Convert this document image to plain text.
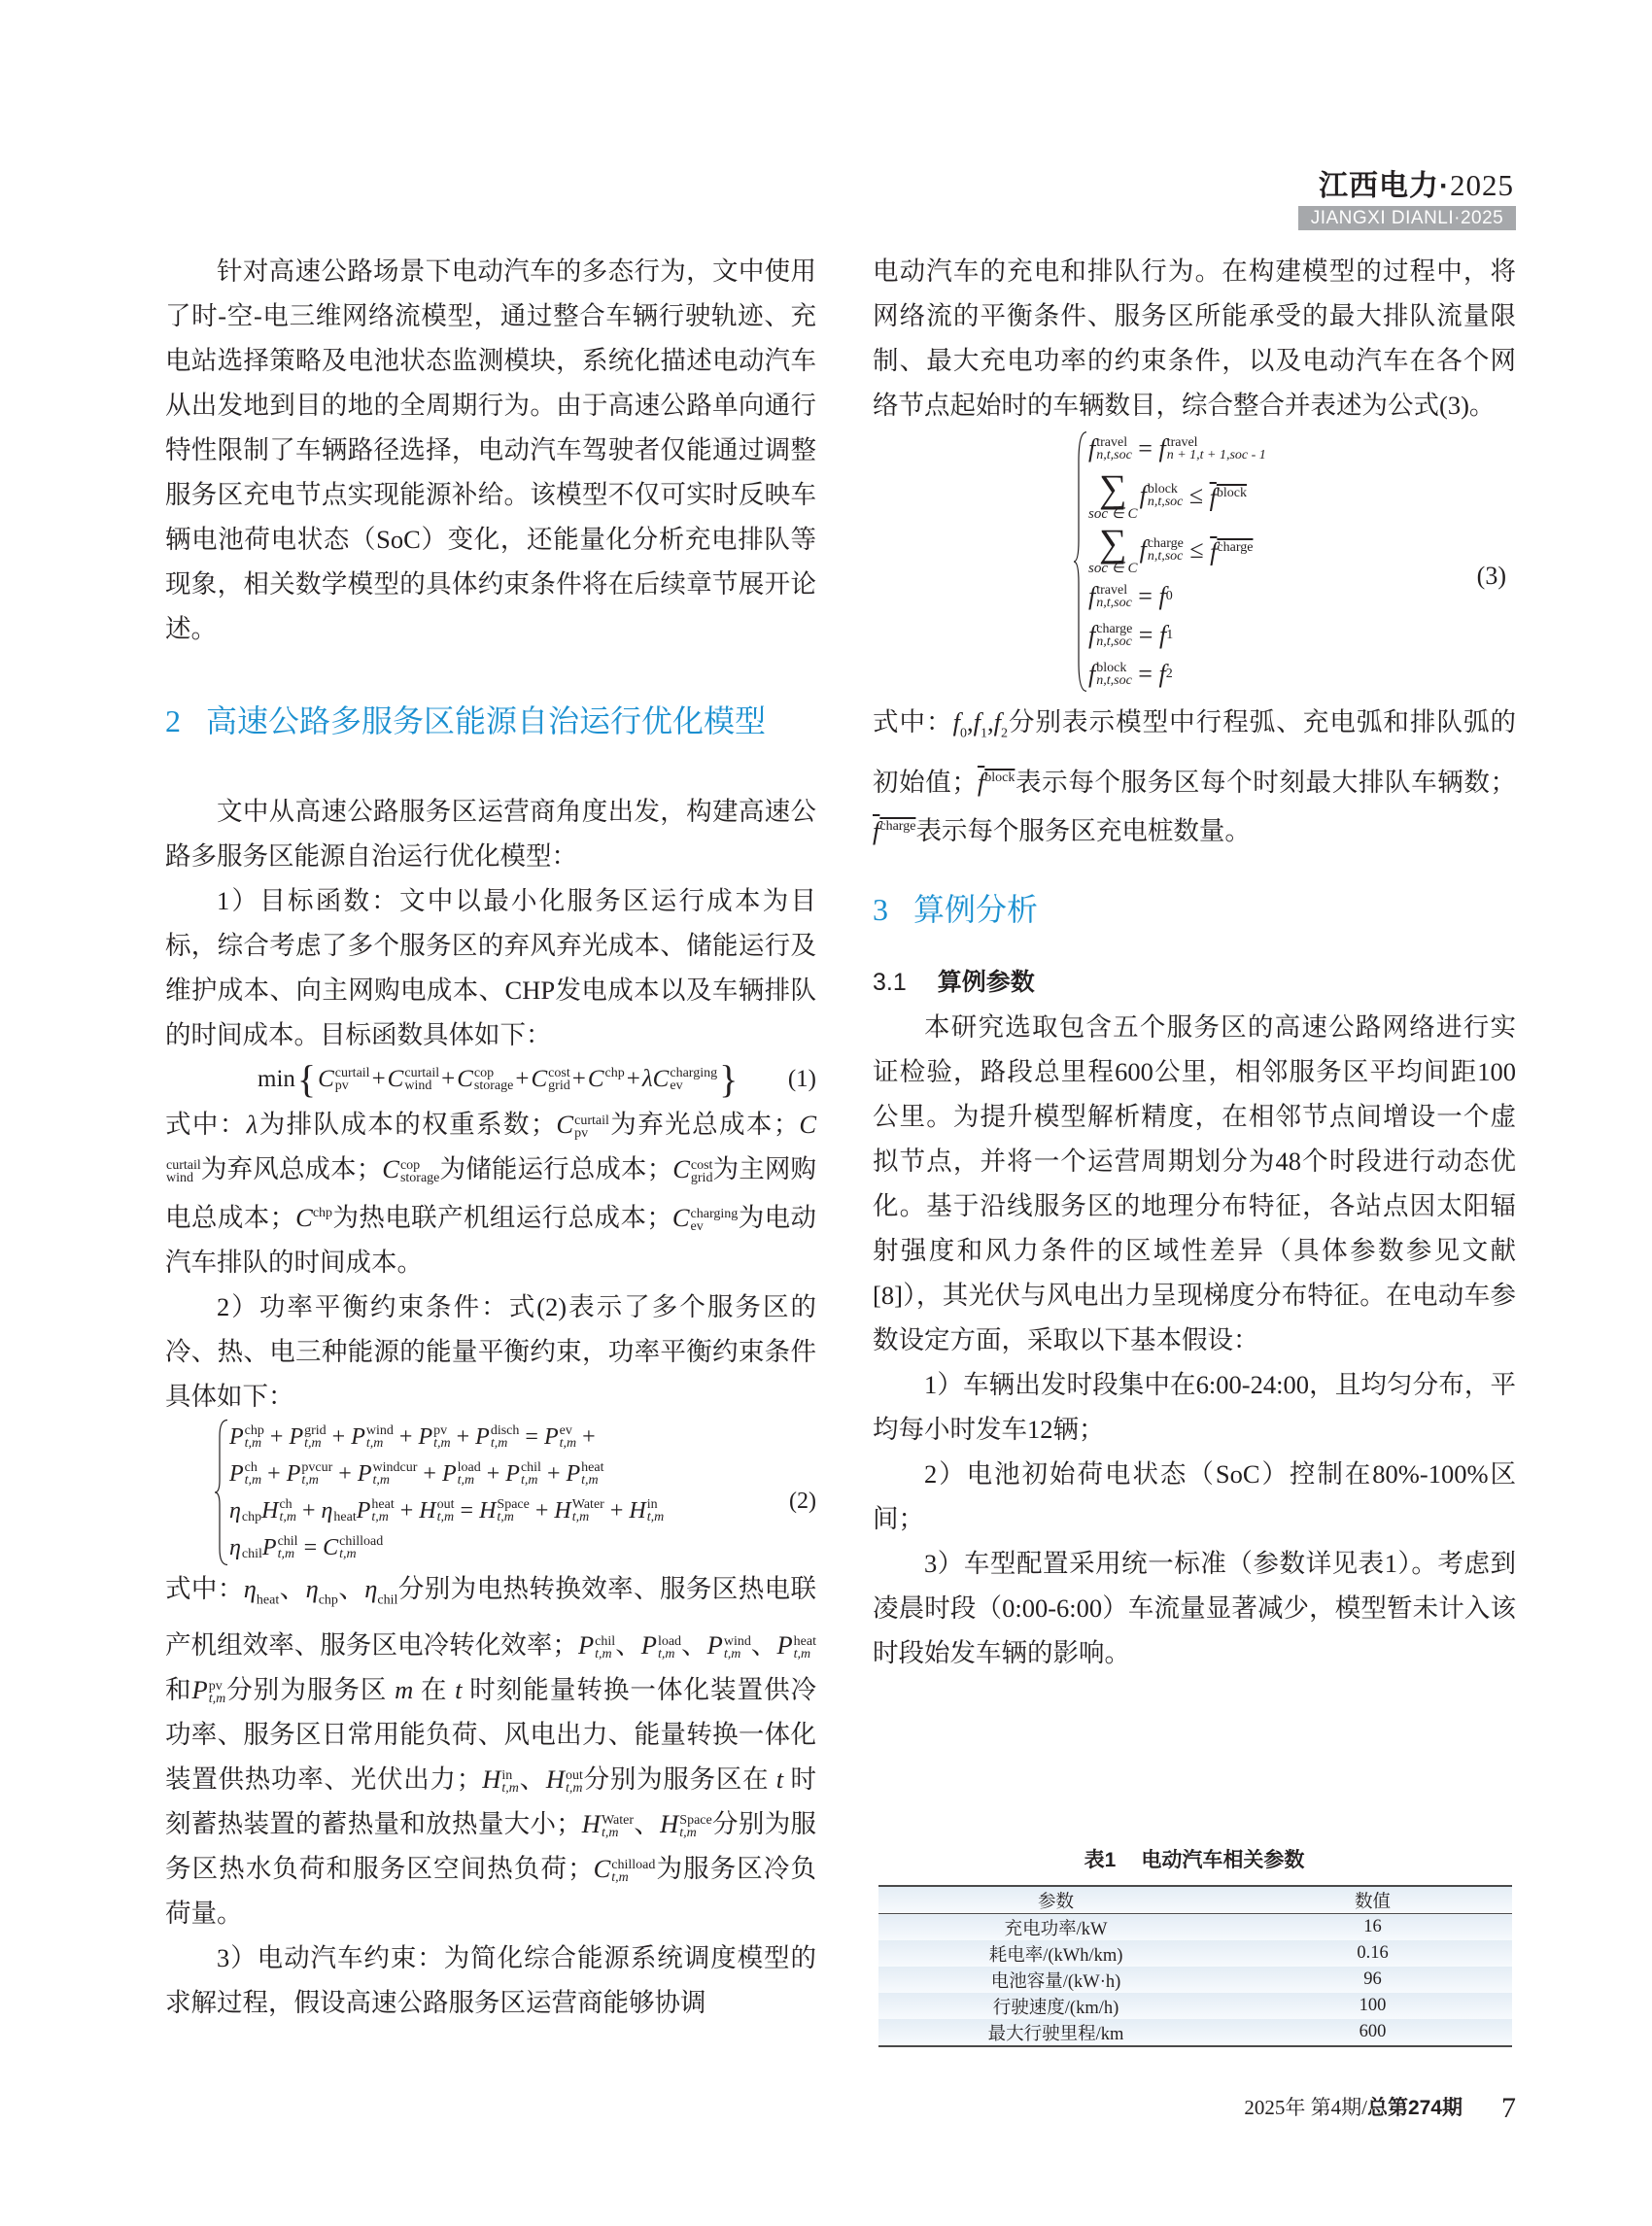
江西电力·2025
JIANGXI DIANLI·2025

针对高速公路场景下电动汽车的多态行为，文中使用了时-空-电三维网络流模型，通过整合车辆行驶轨迹、充电站选择策略及电池状态监测模块，系统化描述电动汽车从出发地到目的地的全周期行为。由于高速公路单向通行特性限制了车辆路径选择，电动汽车驾驶者仅能通过调整服务区充电节点实现能源补给。该模型不仅可实时反映车辆电池荷电状态（SoC）变化，还能量化分析充电排队等现象，相关数学模型的具体约束条件将在后续章节展开论述。

2 高速公路多服务区能源自治运行优化模型

文中从高速公路服务区运营商角度出发，构建高速公路多服务区能源自治运行优化模型：

1）目标函数：文中以最小化服务区运行成本为目标，综合考虑了多个服务区的弃风弃光成本、储能运行及维护成本、向主网购电成本、CHP发电成本以及车辆排队的时间成本。目标函数具体如下：

min { C curtail
pv + C curtail
wind + C cop
storage + C cost
grid + C chp
+ λ C charging
ev } (1)

式中：λ为排队成本的权重系数；C curtail
pv 为弃光总成本；C
curtail
wind 为弃风总成本；C cop
storage 为储能运行总成本；C cost
grid 为主网购电总成本；$C^{chp}$为热电联产机组运行总成本；C charging
ev	为电动汽车排队的时间成本。

2）功率平衡约束条件：式(2)表示了多个服务区的冷、热、电三种能源的能量平衡约束，功率平衡约束条件具体如下：

P chp
t,m + P grid
t,m + P wind
t,m + P pv
t,m + P disch
t,m = P ev
t,m +
P ch
t,m + P pvcur
t,m + P windcur
t,m	+ P load
t,m + P chil
t,m + P heat
t,m
η
chp H ch
t,m + η
heat P heat
t,m + H out
t,m = H Space
t,m + H Water
t,m + H in
t,m
η
chil P chil
t,m = C chilload
t,m
(2)

式中：$\eta_{heat}$、$\eta_{chp}$、$\eta_{chil}$分别为电热转换效率、服务区热电联产机组效率、服务区电冷转化效率；P chil
t,m 、P load
t,m 、P wind
t,m 、P heat
t,m
和P pv
t,m 分别为服务区 m 在 t 时刻能量转换一体化装置供冷功率、服务区日常用能负荷、风电出力、能量转换一体化装置供热功率、光伏出力；H in
t,m 、H out
t,m 分别为服务区在 t 时刻蓄热装置的蓄热量和放热量大小；H Water
t,m 、H Space
t,m 分别为服务区热水负荷和服务区空间热负荷；C chilload
t,m	为服务区冷负荷量。

3）电动汽车约束：为简化综合能源系统调度模型的求解过程，假设高速公路服务区运营商能够协调

电动汽车的充电和排队行为。在构建模型的过程中，将网络流的平衡条件、服务区所能承受的最大排队流量限制、最大充电功率的约束条件，以及电动汽车在各个网络节点起始时的车辆数目，综合整合并表述为公式(3)。

f travel
n,t,soc = f travel
n + 1,t + 1,soc - 1
∑
soc ∈ C
f block
$n,t,soc \le f^{block}$
∑
soc ∈ C
f charge
$n,t,soc \le f^{charge}$
f travel
n,t,soc = f 0
f charge
n,t,soc = f 1
f block
n,t,soc = f 2
(3)

式中：$f_0,f_1,f_2$分别表示模型中行程弧、充电弧和排队弧的初始值；$f^{block}$表示每个服务区每个时刻最大排队车辆数；$f^{charge}$表示每个服务区充电桩数量。

3 算例分析
3.1 算例参数

本研究选取包含五个服务区的高速公路网络进行实证检验，路段总里程600公里，相邻服务区平均间距100公里。为提升模型解析精度，在相邻节点间增设一个虚拟节点，并将一个运营周期划分为48个时段进行动态优化。基于沿线服务区的地理分布特征，各站点因太阳辐射强度和风力条件的区域性差异（具体参数参见文献[8]），其光伏与风电出力呈现梯度分布特征。在电动车参数设定方面，采取以下基本假设：

1）车辆出发时段集中在6:00-24:00，且均匀分布，平均每小时发车12辆；

2）电池初始荷电状态（SoC）控制在80%-100%区间；

3）车型配置采用统一标准（参数详见表1）。考虑到凌晨时段（0:00-6:00）车流量显著减少，模型暂未计入该时段始发车辆的影响。

表1 电动汽车相关参数
参数	数值
充电功率/kW	16
耗电率/(kWh/km)	0.16
电池容量/(kW·h)	96
行驶速度/(km/h)	100
最大行驶里程/km	600
2025年 第4期/总第274期 7
